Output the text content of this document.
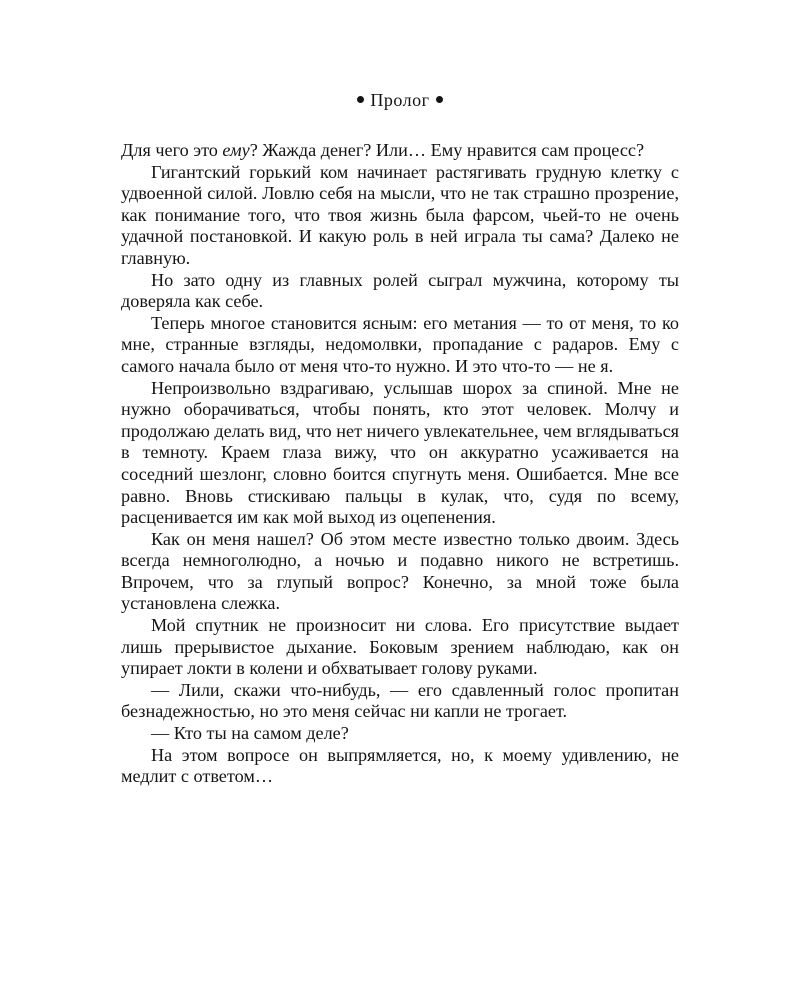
Пролог

Для чего это ему? Жажда денег? Или… Ему нравится сам процесс?

Гигантский горький ком начинает растягивать грудную клетку с удвоенной силой. Ловлю себя на мысли, что не так страшно прозрение, как понимание того, что твоя жизнь была фарсом, чьей-то не очень удачной постановкой. И какую роль в ней играла ты сама? Далеко не главную.

Но зато одну из главных ролей сыграл мужчина, которому ты доверяла как себе.

Теперь многое становится ясным: его метания — то от меня, то ко мне, странные взгляды, недомолвки, пропадание с радаров. Ему с самого начала было от меня что-то нужно. И это что-то — не я.

Непроизвольно вздрагиваю, услышав шорох за спиной. Мне не нужно оборачиваться, чтобы понять, кто этот человек. Молчу и продолжаю делать вид, что нет ничего увлекательнее, чем вглядываться в темноту. Краем глаза вижу, что он аккуратно усаживается на соседний шезлонг, словно боится спугнуть меня. Ошибается. Мне все равно. Вновь стискиваю пальцы в кулак, что, судя по всему, расценивается им как мой выход из оцепенения.

Как он меня нашел? Об этом месте известно только двоим. Здесь всегда немноголюдно, а ночью и подавно никого не встретишь. Впрочем, что за глупый вопрос? Конечно, за мной тоже была установлена слежка.

Мой спутник не произносит ни слова. Его присутствие выдает лишь прерывистое дыхание. Боковым зрением наблюдаю, как он упирает локти в колени и обхватывает голову руками.

— Лили, скажи что-нибудь, — его сдавленный голос пропитан безнадежностью, но это меня сейчас ни капли не трогает.

— Кто ты на самом деле?

На этом вопросе он выпрямляется, но, к моему удивлению, не медлит с ответом…
